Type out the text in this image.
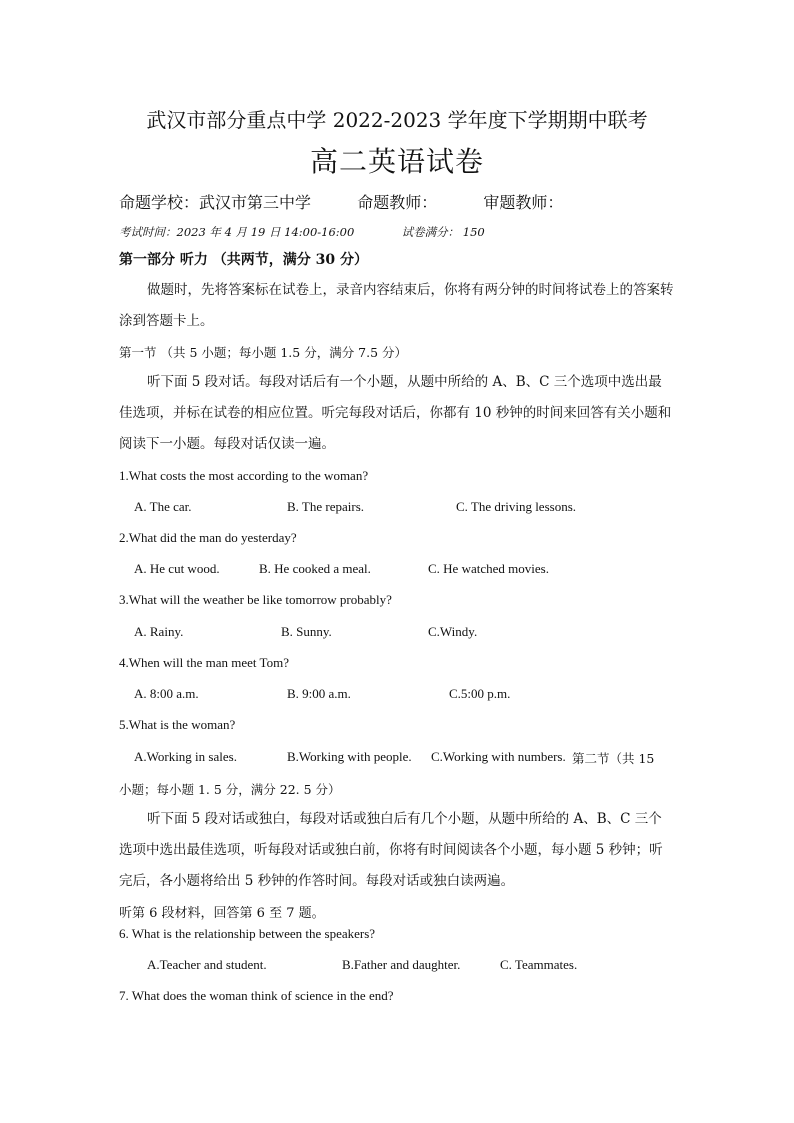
武汉市部分重点中学 2022-2023 学年度下学期期中联考
高二英语试卷
命题学校：武汉市第三中学	命题教师：	审题教师：
考试时间：2023 年 4 月 19 日 14:00-16:00	试卷满分： 150
第一部分 听力 （共两节，满分 30 分）
做题时，先将答案标在试卷上，录音内容结束后，你将有两分钟的时间将试卷上的答案转涂到答题卡上。
第一节 （共 5 小题；每小题 1.5 分，满分 7.5 分）
听下面 5 段对话。每段对话后有一个小题，从题中所给的 A、B、C 三个选项中选出最佳选项，并标在试卷的相应位置。听完每段对话后，你都有 10 秒钟的时间来回答有关小题和阅读下一小题。每段对话仅读一遍。
1.What costs the most according to the woman?
A. The car.	B. The repairs.	C. The driving lessons.
2.What did the man do yesterday?
A. He cut wood.	B. He cooked a meal.	C. He watched movies.
3.What will the weather be like tomorrow probably?
A. Rainy.	B. Sunny.	C.Windy.
4.When will the man meet Tom?
A. 8:00 a.m.	B. 9:00 a.m.	C.5:00 p.m.
5.What is the woman?
A.Working in sales.	B.Working with people. C.Working with numbers. 第二节（共 15
小题；每小题 1. 5 分，满分 22. 5 分）
听下面 5 段对话或独白，每段对话或独白后有几个小题，从题中所给的 A、B、C 三个选项中选出最佳选项，听每段对话或独白前，你将有时间阅读各个小题，每小题 5 秒钟；听完后，各小题将给出 5 秒钟的作答时间。每段对话或独白读两遍。
听第 6 段材料，回答第 6 至 7 题。
6. What is the relationship between the speakers?
A.Teacher and student.	B.Father and daughter.	C. Teammates.
7. What does the woman think of science in the end?
